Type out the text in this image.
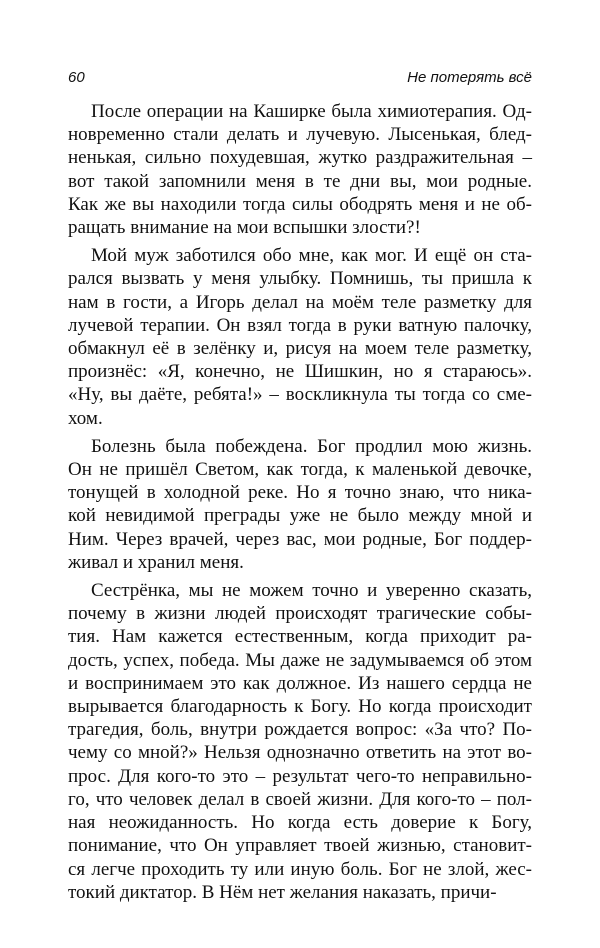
60	Не потерять всё
После операции на Каширке была химиотерапия. Од-
новременно стали делать и лучевую. Лысенькая, блед-
ненькая, сильно похудевшая, жутко раздражительная –
вот такой запомнили меня в те дни вы, мои родные.
Как же вы находили тогда силы ободрять меня и не об-
ращать внимание на мои вспышки злости?!
Мой муж заботился обо мне, как мог. И ещё он ста-
рался вызвать у меня улыбку. Помнишь, ты пришла к
нам в гости, а Игорь делал на моём теле разметку для
лучевой терапии. Он взял тогда в руки ватную палочку,
обмакнул её в зелёнку и, рисуя на моем теле разметку,
произнёс: «Я, конечно, не Шишкин, но я стараюсь».
«Ну, вы даёте, ребята!» – воскликнула ты тогда со сме-
хом.
Болезнь была побеждена. Бог продлил мою жизнь.
Он не пришёл Светом, как тогда, к маленькой девочке,
тонущей в холодной реке. Но я точно знаю, что ника-
кой невидимой преграды уже не было между мной и
Ним. Через врачей, через вас, мои родные, Бог поддер-
живал и хранил меня.
Сестрёнка, мы не можем точно и уверенно сказать,
почему в жизни людей происходят трагические собы-
тия. Нам кажется естественным, когда приходит ра-
дость, успех, победа. Мы даже не задумываемся об этом
и воспринимаем это как должное. Из нашего сердца не
вырывается благодарность к Богу. Но когда происходит
трагедия, боль, внутри рождается вопрос: «За что? По-
чему со мной?» Нельзя однозначно ответить на этот во-
прос. Для кого-то это – результат чего-то неправильно-
го, что человек делал в своей жизни. Для кого-то – пол-
ная неожиданность. Но когда есть доверие к Богу,
понимание, что Он управляет твоей жизнью, становит-
ся легче проходить ту или иную боль. Бог не злой, жес-
токий диктатор. В Нём нет желания наказать, причи-
